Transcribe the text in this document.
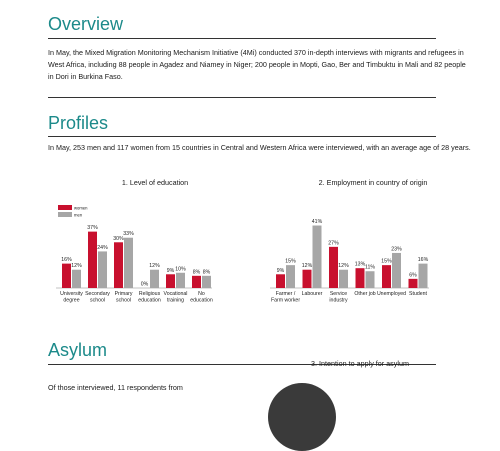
Overview
In May, the Mixed Migration Monitoring Mechanism Initiative (4Mi) conducted 370 in-depth interviews with migrants and refugees in West Africa, including 88 people in Agadez and Niamey in Niger; 200 people in Mopti, Gao, Ber and Timbuktu in Mali and 82 people in Dori in Burkina Faso.
Profiles
In May, 253 men and 117 women from 15 countries in Central and Western Africa were interviewed, with an average age of 28 years.
1. Level of education
16%
12%
University
degree
37%
24%
Secondary
school
30%
33%
Primary
school
0%
12%
Religious
education
9% 10%
Vocational
training
8% 8%
No
education
women
men
9%
15%
Farmer /
Farm worker
12%
41%
Labourer
27%
12%
Service
industry
13%
11%
Other job
15%
23%
Unemployed
6%
16%
Student
2. Employment in country of origin
Asylum
3. Intention to apply for asylum
Of those interviewed, 11 respondents from
